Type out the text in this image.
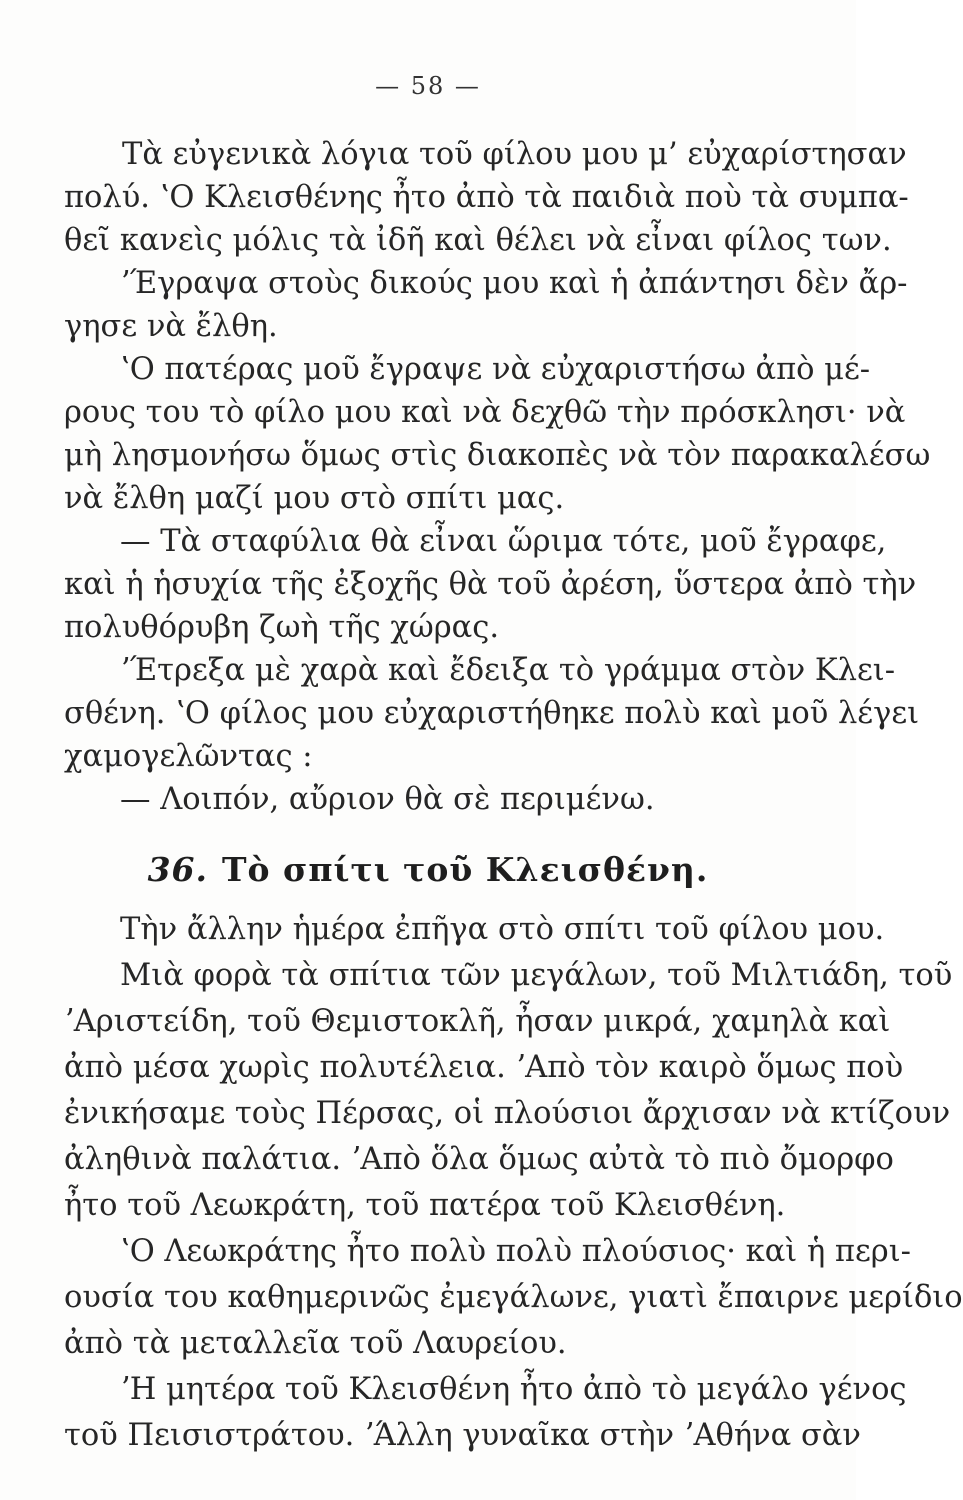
— 58 —
Τὰ εὐγενικὰ λόγια τοῦ φίλου μου μ’ εὐχαρίστησαν
πολύ. ʽΟ Κλεισθένης ἦτο ἀπὸ τὰ παιδιὰ ποὺ τὰ συμπα-
θεῖ κανεὶς μόλις τὰ ἰδῆ καὶ θέλει νὰ εἶναι φίλος των.
ʼΈγραψα στοὺς δικούς μου καὶ ἡ ἀπάντησι δὲν ἄρ-
γησε νὰ ἔλθη.
ʽΟ πατέρας μοῦ ἔγραψε νὰ εὐχαριστήσω ἀπὸ μέ-
ρους του τὸ φίλο μου καὶ νὰ δεχθῶ τὴν πρόσκλησι· νὰ
μὴ λησμονήσω ὅμως στὶς διακοπὲς νὰ τὸν παρακαλέσω
νὰ ἔλθη μαζί μου στὸ σπίτι μας.
— Τὰ σταφύλια θὰ εἶναι ὥριμα τότε, μοῦ ἔγραφε,
καὶ ἡ ἡσυχία τῆς ἐξοχῆς θὰ τοῦ ἀρέση, ὕστερα ἀπὸ τὴν
πολυθόρυβη ζωὴ τῆς χώρας.
ʼΈτρεξα μὲ χαρὰ καὶ ἔδειξα τὸ γράμμα στὸν Κλει-
σθένη. ʽΟ φίλος μου εὐχαριστήθηκε πολὺ καὶ μοῦ λέγει
χαμογελῶντας :
— Λοιπόν, αὔριον θὰ σὲ περιμένω.
36. Τὸ σπίτι τοῦ Κλεισθένη.
Τὴν ἄλλην ἡμέρα ἐπῆγα στὸ σπίτι τοῦ φίλου μου.
Μιὰ φορὰ τὰ σπίτια τῶν μεγάλων, τοῦ Μιλτιάδη, τοῦ
ʼΑριστείδη, τοῦ Θεμιστοκλῆ, ἦσαν μικρά, χαμηλὰ καὶ
ἀπὸ μέσα χωρὶς πολυτέλεια. ʼΑπὸ τὸν καιρὸ ὅμως ποὺ
ἐνικήσαμε τοὺς Πέρσας, οἱ πλούσιοι ἄρχισαν νὰ κτίζουν
ἀληθινὰ παλάτια. ʼΑπὸ ὅλα ὅμως αὐτὰ τὸ πιὸ ὄμορφο
ἦτο τοῦ Λεωκράτη, τοῦ πατέρα τοῦ Κλεισθένη.
ʽΟ Λεωκράτης ἦτο πολὺ πολὺ πλούσιος· καὶ ἡ περι-
ουσία του καθημερινῶς ἐμεγάλωνε, γιατὶ ἔπαιρνε μερίδιο
ἀπὸ τὰ μεταλλεῖα τοῦ Λαυρείου.
ʼΗ μητέρα τοῦ Κλεισθένη ἦτο ἀπὸ τὸ μεγάλο γένος
τοῦ Πεισιστράτου. ʼΆλλη γυναῖκα στὴν ʼΑθήνα σὰν
